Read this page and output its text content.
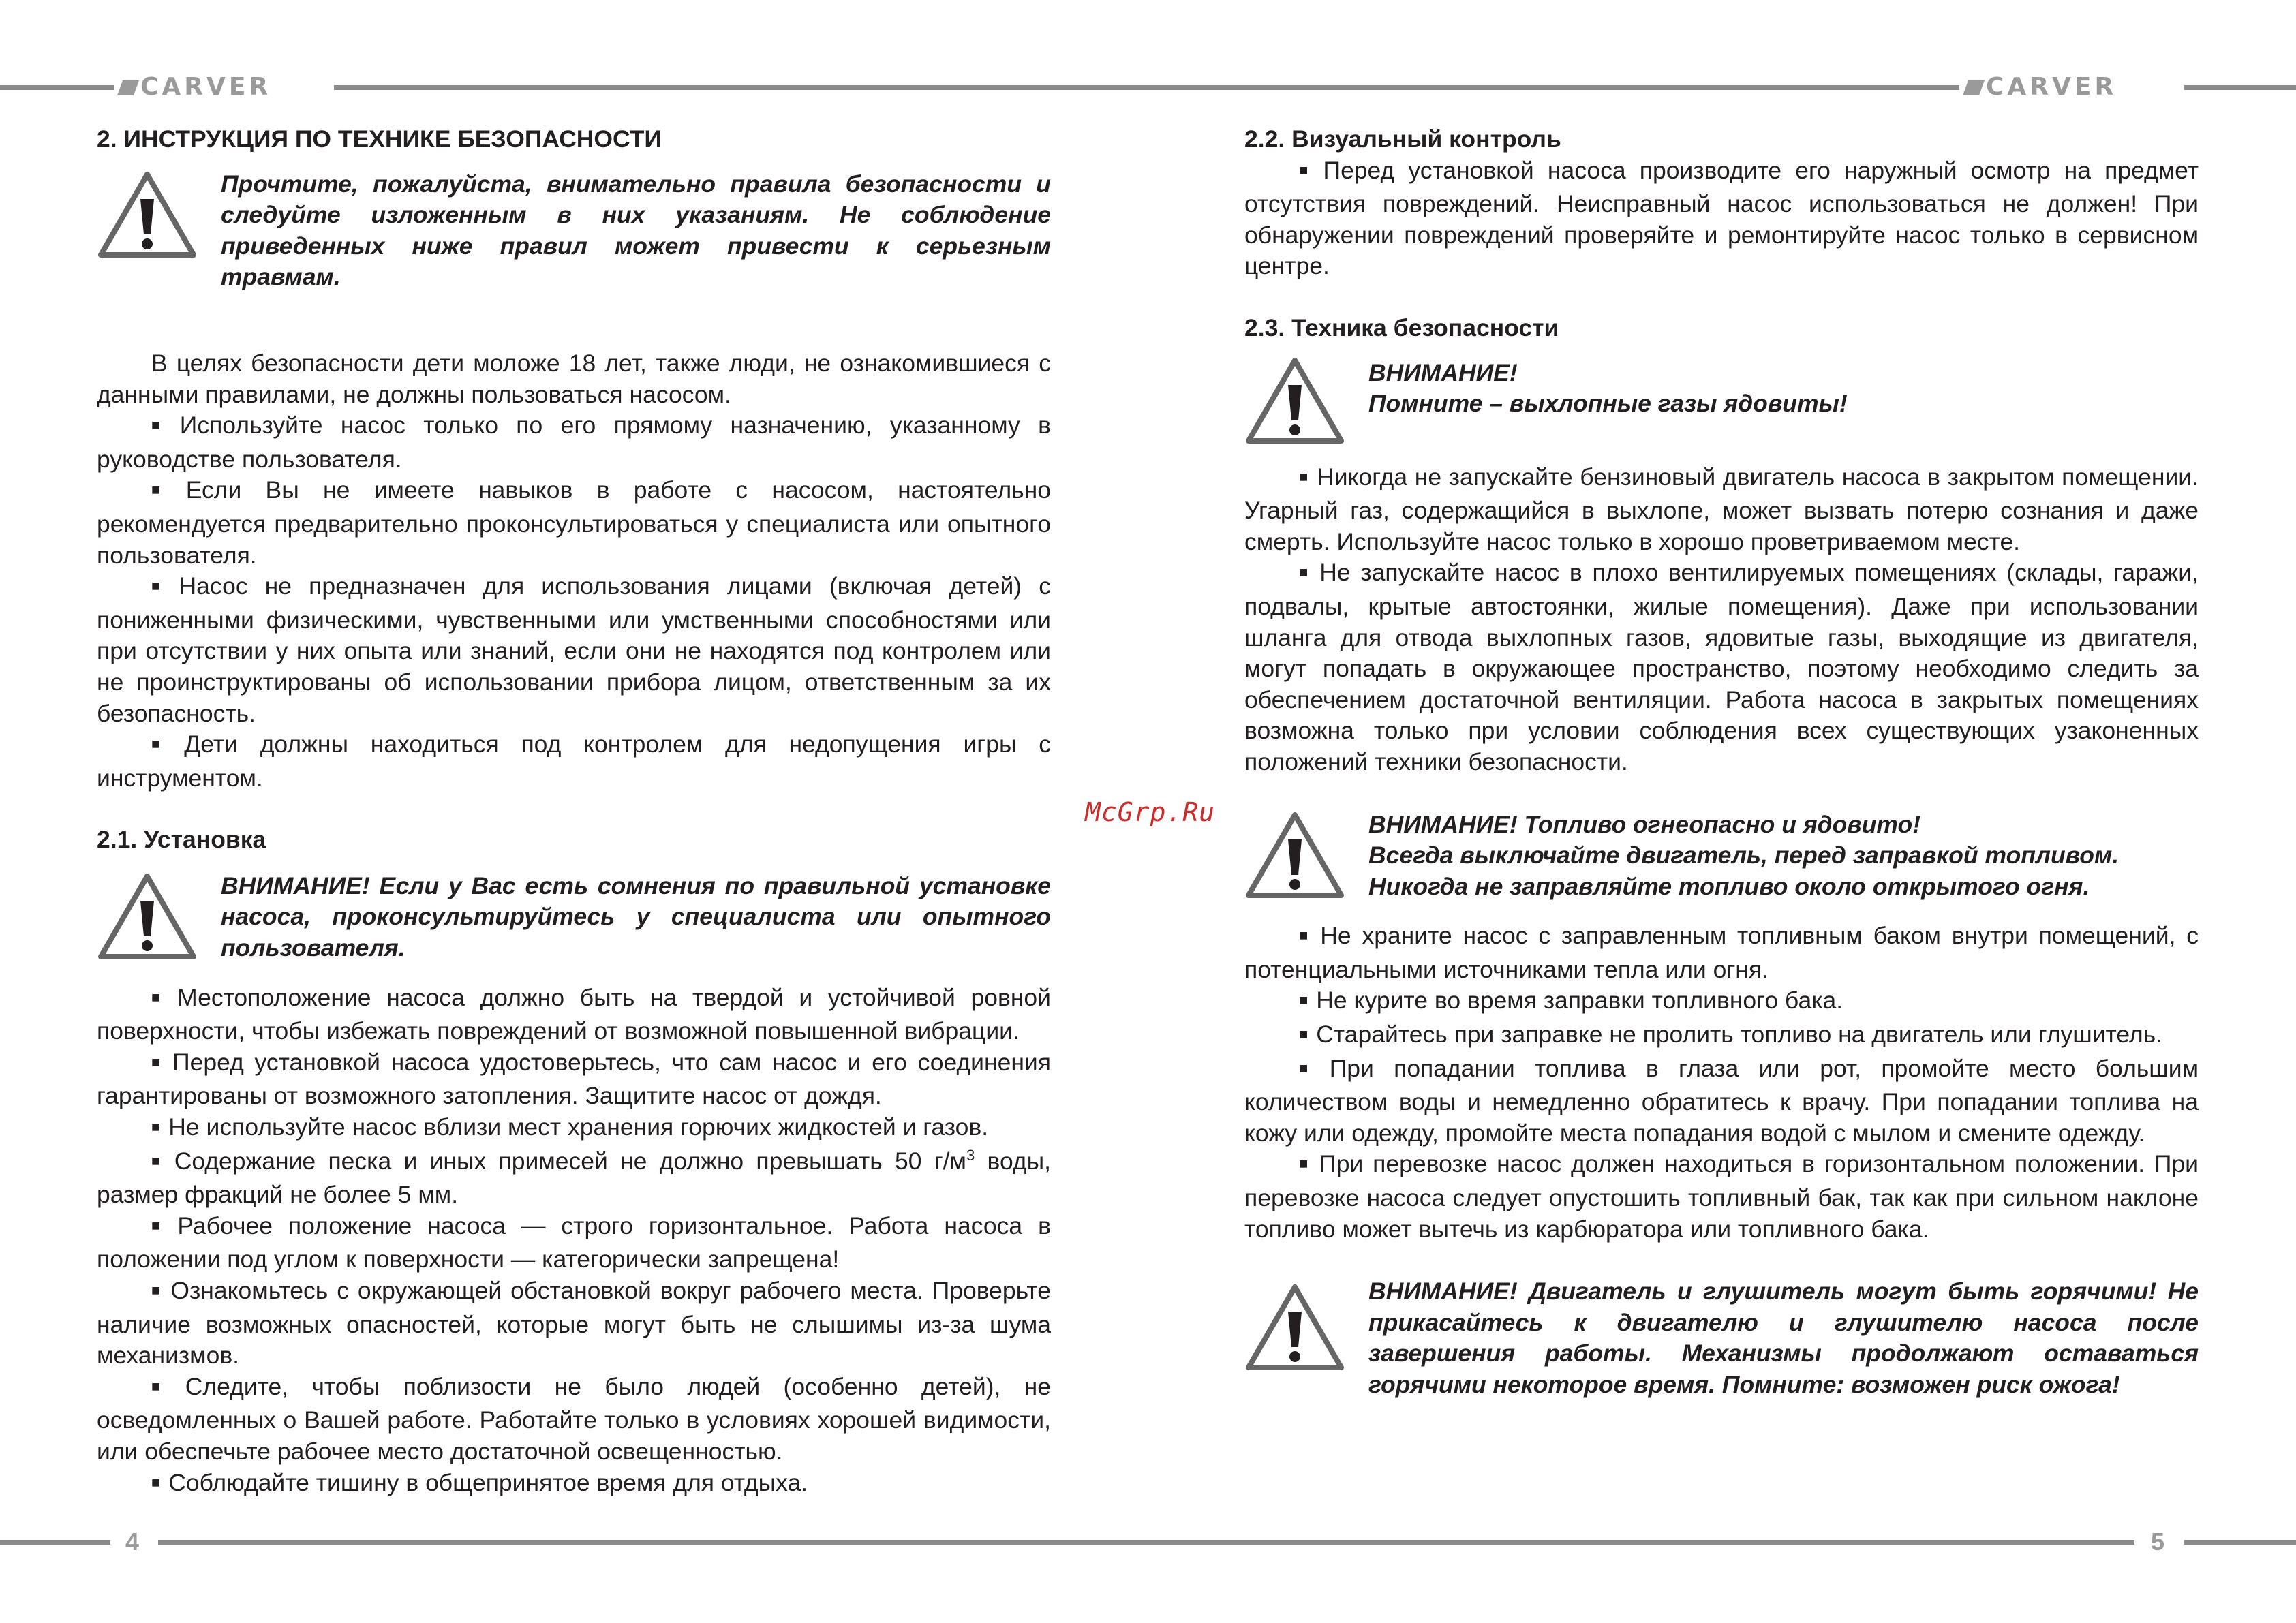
CARVER	CARVER
4	5
McGrp.Ru

2. ИНСТРУКЦИЯ ПО ТЕХНИКЕ БЕЗОПАСНОСТИ

Прочтите, пожалуйста, внимательно правила безопасности и следуйте изложенным в них указаниям. Не соблюдение приведенных ниже правил может привести к серьезным травмам.

В целях безопасности дети моложе 18 лет, также люди, не ознакомившиеся с данными правилами, не должны пользоваться насосом.

■ Используйте насос только по его прямому назначению, указанному в руководстве пользователя.

■ Если Вы не имеете навыков в работе с насосом, настоятельно рекомендуется предварительно проконсультироваться у специалиста или опытного пользователя.

■ Насос не предназначен для использования лицами (включая детей) с пониженными физическими, чувственными или умственными способностями или при отсутствии у них опыта или знаний, если они не находятся под контролем или не проинструктированы об использовании прибора лицом, ответственным за их безопасность.

■ Дети должны находиться под контролем для недопущения игры с инструментом.

2.1. Установка

ВНИМАНИЕ! Если у Вас есть сомнения по правильной установке насоса, проконсультируйтесь у специалиста или опытного пользователя.

■ Местоположение насоса должно быть на твердой и устойчивой ровной поверхности, чтобы избежать повреждений от возможной повышенной вибрации.

■ Перед установкой насоса удостоверьтесь, что сам насос и его соединения гарантированы от возможного затопления. Защитите насос от дождя.

■ Не используйте насос вблизи мест хранения горючих жидкостей и газов.

■ Содержание песка и иных примесей не должно превышать 50 $г/м^3$ воды, размер фракций не более 5 мм.

■ Рабочее положение насоса — строго горизонтальное. Работа насоса в положении под углом к поверхности — категорически запрещена!

■ Ознакомьтесь с окружающей обстановкой вокруг рабочего места. Проверьте наличие возможных опасностей, которые могут быть не слышимы из-за шума механизмов.

■ Следите, чтобы поблизости не было людей (особенно детей), не осведомленных о Вашей работе. Работайте только в условиях хорошей видимости, или обеспечьте рабочее место достаточной освещенностью.

■ Соблюдайте тишину в общепринятое время для отдыха.

2.2. Визуальный контроль

■ Перед установкой насоса производите его наружный осмотр на предмет отсутствия повреждений. Неисправный насос использоваться не должен! При обнаружении повреждений проверяйте и ремонтируйте насос только в сервисном центре.

2.3. Техника безопасности

ВНИМАНИЕ!

Помните – выхлопные газы ядовиты!

■ Никогда не запускайте бензиновый двигатель насоса в закрытом помещении. Угарный газ, содержащийся в выхлопе, может вызвать потерю сознания и даже смерть. Используйте насос только в хорошо проветриваемом месте.

■ Не запускайте насос в плохо вентилируемых помещениях (склады, гаражи, подвалы, крытые автостоянки, жилые помещения). Даже при использовании шланга для отвода выхлопных газов, ядовитые газы, выходящие из двигателя, могут попадать в окружающее пространство, поэтому необходимо следить за обеспечением достаточной вентиляции. Работа насоса в закрытых помещениях возможна только при условии соблюдения всех существующих узаконенных положений техники безопасности.

ВНИМАНИЕ! Топливо огнеопасно и ядовито!

Всегда выключайте двигатель, перед заправкой топливом.

Никогда не заправляйте топливо около открытого огня.

■ Не храните насос с заправленным топливным баком внутри помещений, с потенциальными источниками тепла или огня.

■ Не курите во время заправки топливного бака.

■ Старайтесь при заправке не пролить топливо на двигатель или глушитель.

■ При попадании топлива в глаза или рот, промойте место большим количеством воды и немедленно обратитесь к врачу. При попадании топлива на кожу или одежду, промойте места попадания водой с мылом и смените одежду.

■ При перевозке насос должен находиться в горизонтальном положении. При перевозке насоса следует опустошить топливный бак, так как при сильном наклоне топливо может вытечь из карбюратора или топливного бака.

ВНИМАНИЕ! Двигатель и глушитель могут быть горячими! Не прикасайтесь к двигателю и глушителю насоса после завершения работы. Механизмы продолжают оставаться горячими некоторое время. Помните: возможен риск ожога!
